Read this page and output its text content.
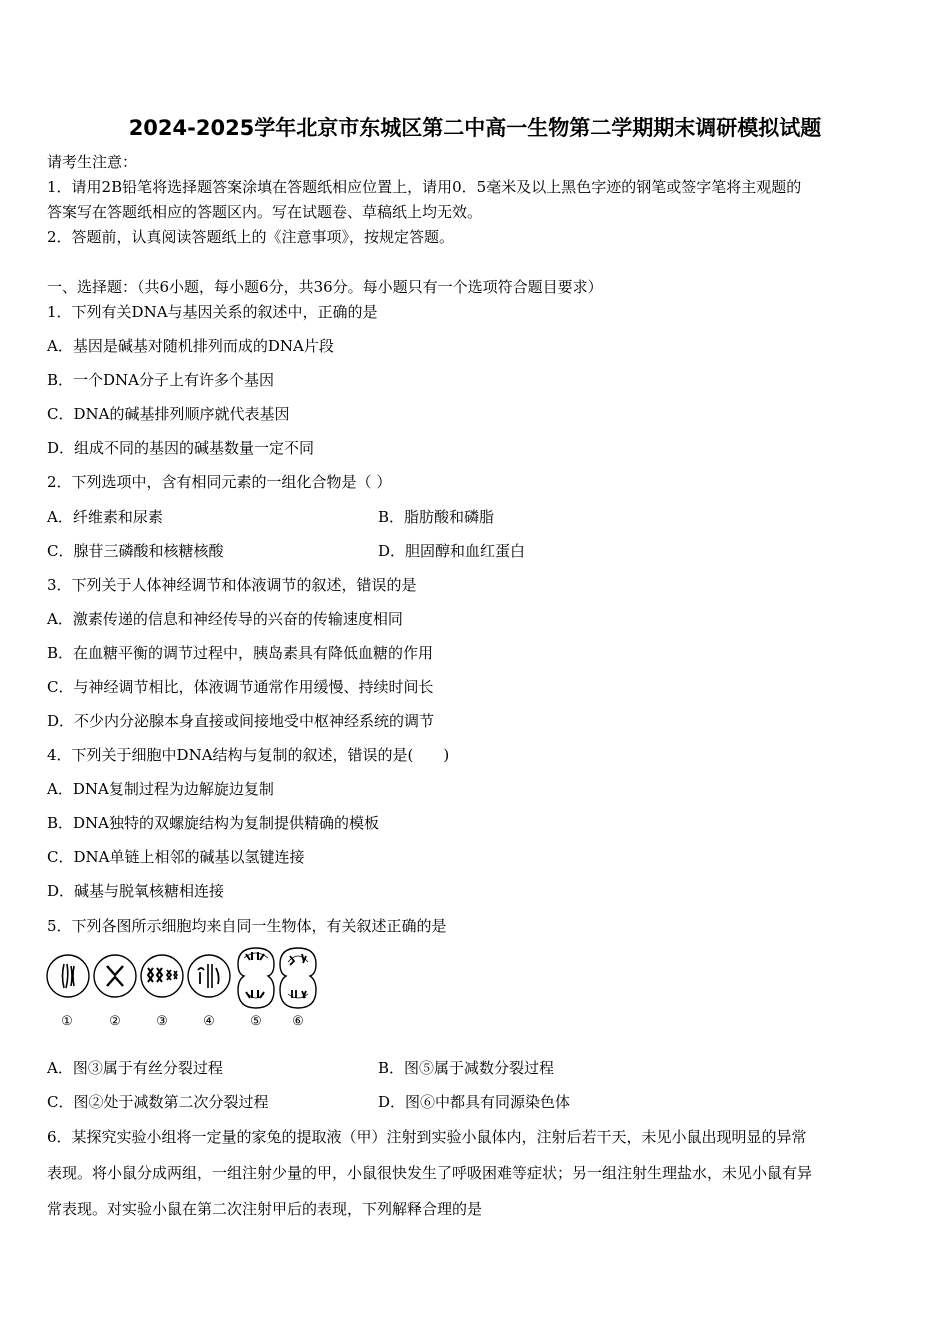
2024-2025学年北京市东城区第二中高一生物第二学期期末调研模拟试题
请考生注意：
1．请用2B铅笔将选择题答案涂填在答题纸相应位置上，请用0．5毫米及以上黑色字迹的钢笔或签字笔将主观题的
答案写在答题纸相应的答题区内。写在试题卷、草稿纸上均无效。
2．答题前，认真阅读答题纸上的《注意事项》，按规定答题。
一、选择题：（共6小题，每小题6分，共36分。每小题只有一个选项符合题目要求）
1．下列有关DNA与基因关系的叙述中，正确的是
A．基因是碱基对随机排列而成的DNA片段
B．一个DNA分子上有许多个基因
C．DNA的碱基排列顺序就代表基因
D．组成不同的基因的碱基数量一定不同
2．下列选项中，含有相同元素的一组化合物是（ ）
A．纤维素和尿素	B．脂肪酸和磷脂
C．腺苷三磷酸和核糖核酸	D．胆固醇和血红蛋白
3．下列关于人体神经调节和体液调节的叙述，错误的是
A．激素传递的信息和神经传导的兴奋的传输速度相同
B．在血糖平衡的调节过程中，胰岛素具有降低血糖的作用
C．与神经调节相比，体液调节通常作用缓慢、持续时间长
D．不少内分泌腺本身直接或间接地受中枢神经系统的调节
4．下列关于细胞中DNA结构与复制的叙述，错误的是(　　)
A．DNA复制过程为边解旋边复制
B．DNA独特的双螺旋结构为复制提供精确的模板
C．DNA单链上相邻的碱基以氢键连接
D．碱基与脱氧核糖相连接
5．下列各图所示细胞均来自同一生物体，有关叙述正确的是
①	②	③	④	⑤	⑥
A．图③属于有丝分裂过程	B．图⑤属于减数分裂过程
C．图②处于减数第二次分裂过程	D．图⑥中都具有同源染色体
6．某探究实验小组将一定量的家兔的提取液（甲）注射到实验小鼠体内，注射后若干天，未见小鼠出现明显的异常
表现。将小鼠分成两组，一组注射少量的甲，小鼠很快发生了呼吸困难等症状；另一组注射生理盐水，未见小鼠有异
常表现。对实验小鼠在第二次注射甲后的表现，下列解释合理的是
